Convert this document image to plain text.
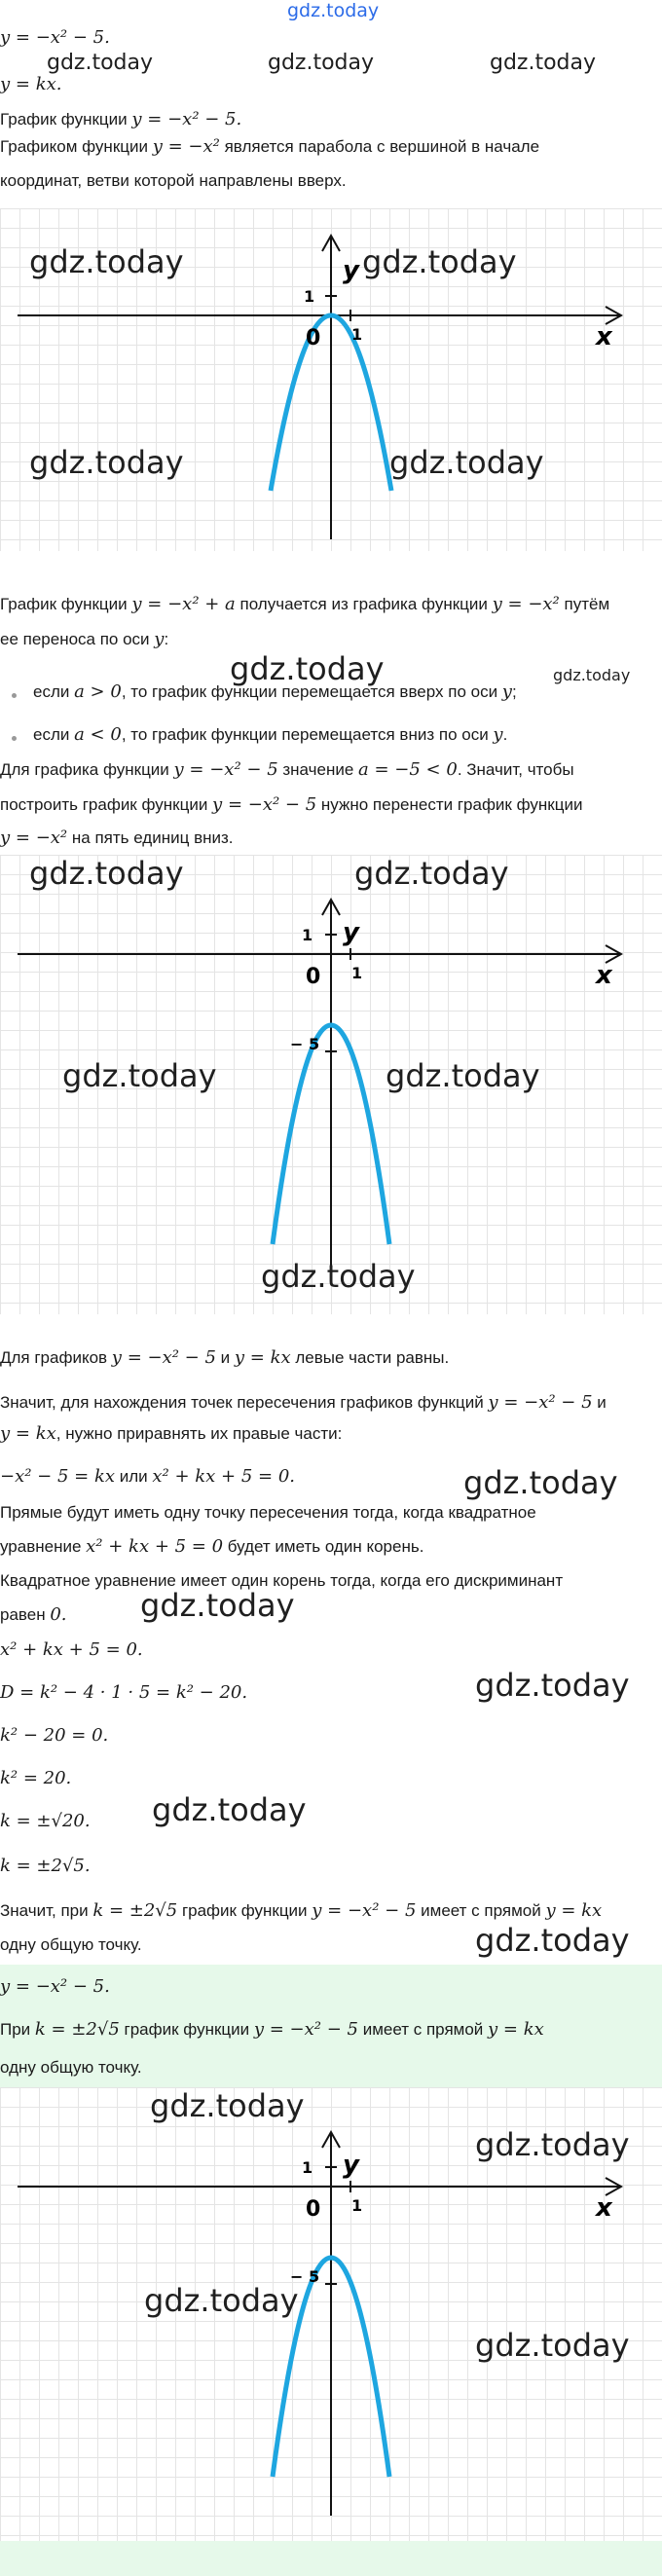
gdz.today
y = −x² − 5.
gdz.today	gdz.today	gdz.today
y = kx.
График функции y = −x² − 5.
Графиком функции y = −x² является парабола с вершиной в начале
координат, ветви которой направлены вверх.
x
y
0 1
1
gdz.today	gdz.today
gdz.today	gdz.today
График функции y = −x² + a получается из графика функции y = −x² путём
ее переноса по оси y:
gdz.today	gdz.today
если a > 0, то график функции перемещается вверх по оси y;
если a < 0, то график функции перемещается вниз по оси y.
Для графика функции y = −x² − 5 значение a = −5 < 0. Значит, чтобы
построить график функции y = −x² − 5 нужно перенести график функции
y = −x² на пять единиц вниз.
x
y
0 1
1
− 5
gdz.today	gdz.today
gdz.today	gdz.today
gdz.today
Для графиков y = −x² − 5 и y = kx левые части равны.
Значит, для нахождения точек пересечения графиков функций y = −x² − 5 и
y = kx, нужно приравнять их правые части:
−x² − 5 = kx или x² + kx + 5 = 0.	gdz.today
Прямые будут иметь одну точку пересечения тогда, когда квадратное
уравнение x² + kx + 5 = 0 будет иметь один корень.
Квадратное уравнение имеет один корень тогда, когда его дискриминант
gdz.today
равен 0.
x² + kx + 5 = 0.
gdz.today
D = k² − 4 · 1 · 5 = k² − 20.
k² − 20 = 0.
k² = 20.
gdz.today
k = ±√20.
k = ±2√5.
Значит, при k = ±2√5 график функции y = −x² − 5 имеет с прямой y = kx
одну общую точку.	gdz.today
y = −x² − 5.
При k = ±2√5 график функции y = −x² − 5 имеет с прямой y = kx
одну общую точку.
x
y
0 1
1
− 5
gdz.today
gdz.today
gdz.today
gdz.today
